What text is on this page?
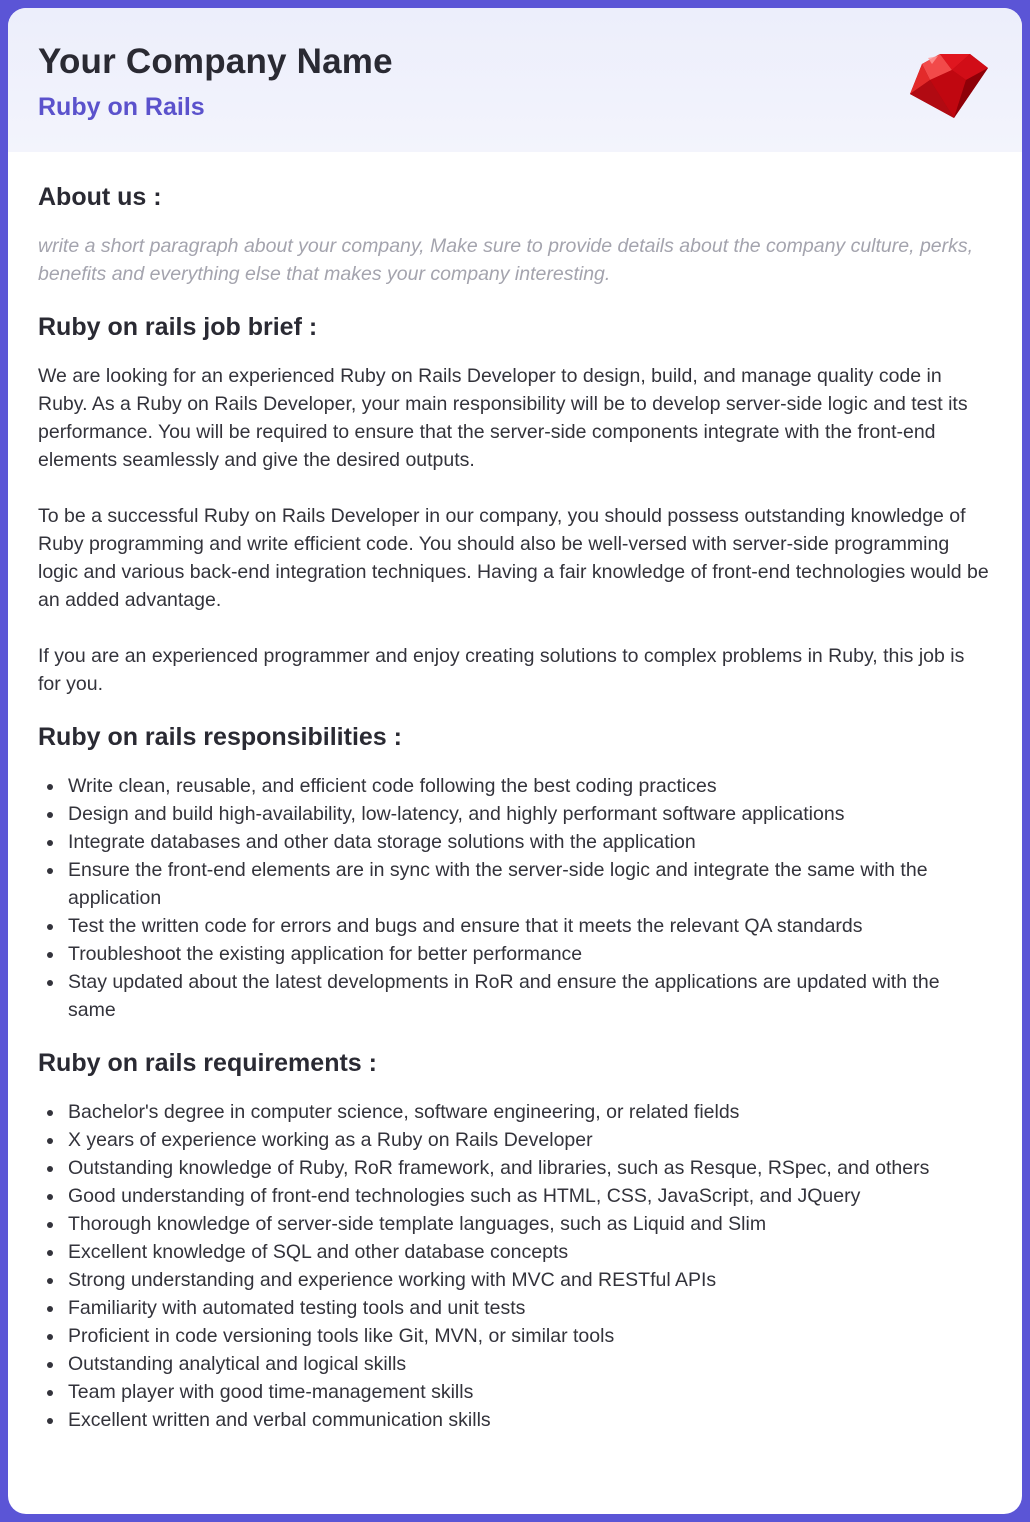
Your Company Name
Ruby on Rails
About us :

write a short paragraph about your company, Make sure to provide details about the company culture, perks, benefits and everything else that makes your company interesting.

Ruby on rails job brief :

We are looking for an experienced Ruby on Rails Developer to design, build, and manage quality code in Ruby. As a Ruby on Rails Developer, your main responsibility will be to develop server-side logic and test its performance. You will be required to ensure that the server-side components integrate with the front-end elements seamlessly and give the desired outputs.

To be a successful Ruby on Rails Developer in our company, you should possess outstanding knowledge of Ruby programming and write efficient code. You should also be well-versed with server-side programming logic and various back-end integration techniques. Having a fair knowledge of front-end technologies would be an added advantage.

If you are an experienced programmer and enjoy creating solutions to complex problems in Ruby, this job is for you.

Ruby on rails responsibilities :
Write clean, reusable, and efficient code following the best coding practices
Design and build high-availability, low-latency, and highly performant software applications
Integrate databases and other data storage solutions with the application
Ensure the front-end elements are in sync with the server-side logic and integrate the same with the application
Test the written code for errors and bugs and ensure that it meets the relevant QA standards
Troubleshoot the existing application for better performance
Stay updated about the latest developments in RoR and ensure the applications are updated with the same
Ruby on rails requirements :
Bachelor's degree in computer science, software engineering, or related fields
X years of experience working as a Ruby on Rails Developer
Outstanding knowledge of Ruby, RoR framework, and libraries, such as Resque, RSpec, and others
Good understanding of front-end technologies such as HTML, CSS, JavaScript, and JQuery
Thorough knowledge of server-side template languages, such as Liquid and Slim
Excellent knowledge of SQL and other database concepts
Strong understanding and experience working with MVC and RESTful APIs
Familiarity with automated testing tools and unit tests
Proficient in code versioning tools like Git, MVN, or similar tools
Outstanding analytical and logical skills
Team player with good time-management skills
Excellent written and verbal communication skills
